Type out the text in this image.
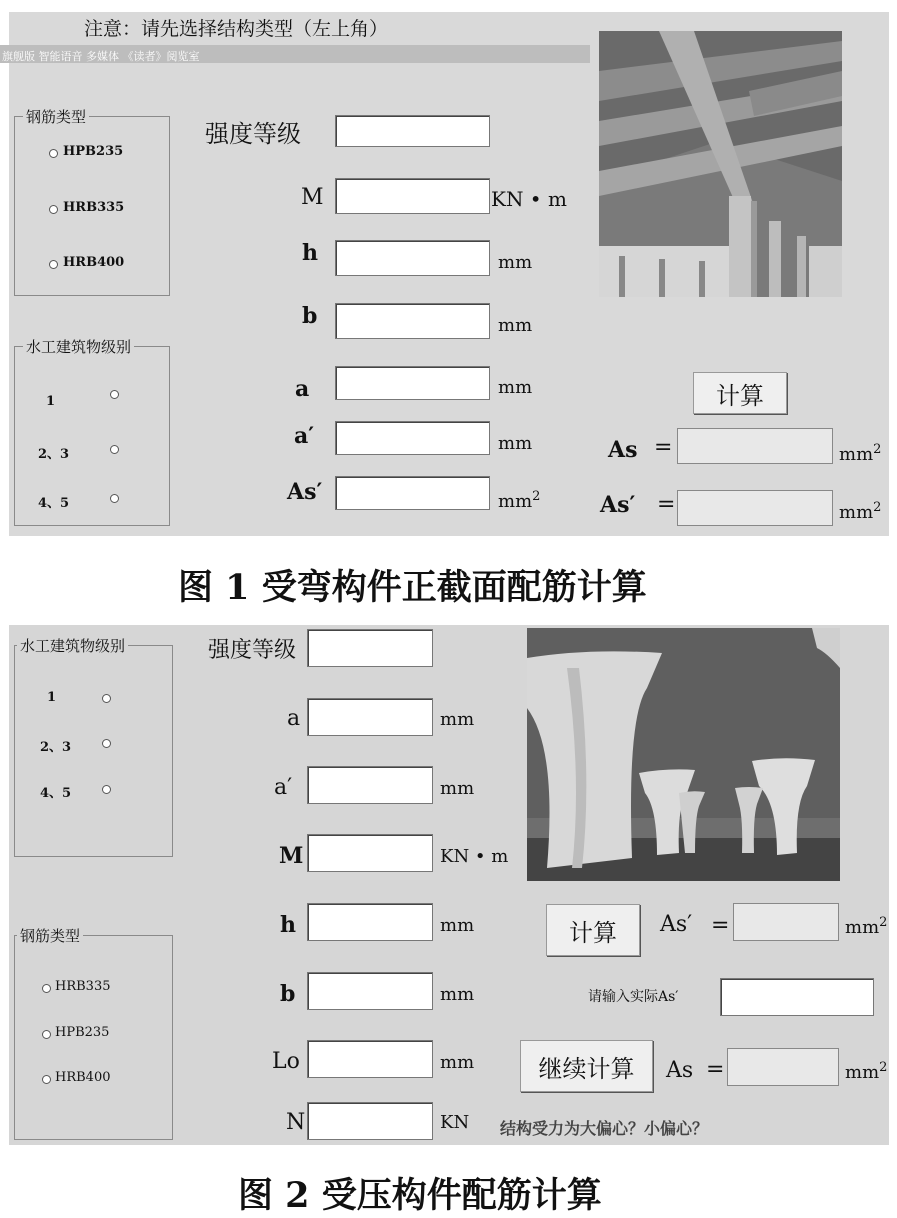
注意：请先选择结构类型（左上角）
旗舰版 智能语音 多媒体 《读者》阅览室
钢筋类型
HPB235
HRB335
HRB400
水工建筑物级别
1
2、3
4、5
强度等级
M	KN • m
h	mm
b	mm
a	mm
a′	mm
As′	$mm^2$
计算
As =	$mm^2$
As′ =	$mm^2$
图 1 受弯构件正截面配筋计算
水工建筑物级别
1
2、3
4、5
钢筋类型
HRB335
HPB235
HRB400
强度等级
a	mm
a′	mm
M	KN • m
h	mm
b	mm
Lo	mm
N	KN
计算	As′ =	$mm^2$
请输入实际As′
继续计算	As =	$mm^2$
结构受力为大偏心？小偏心？
图 2 受压构件配筋计算
